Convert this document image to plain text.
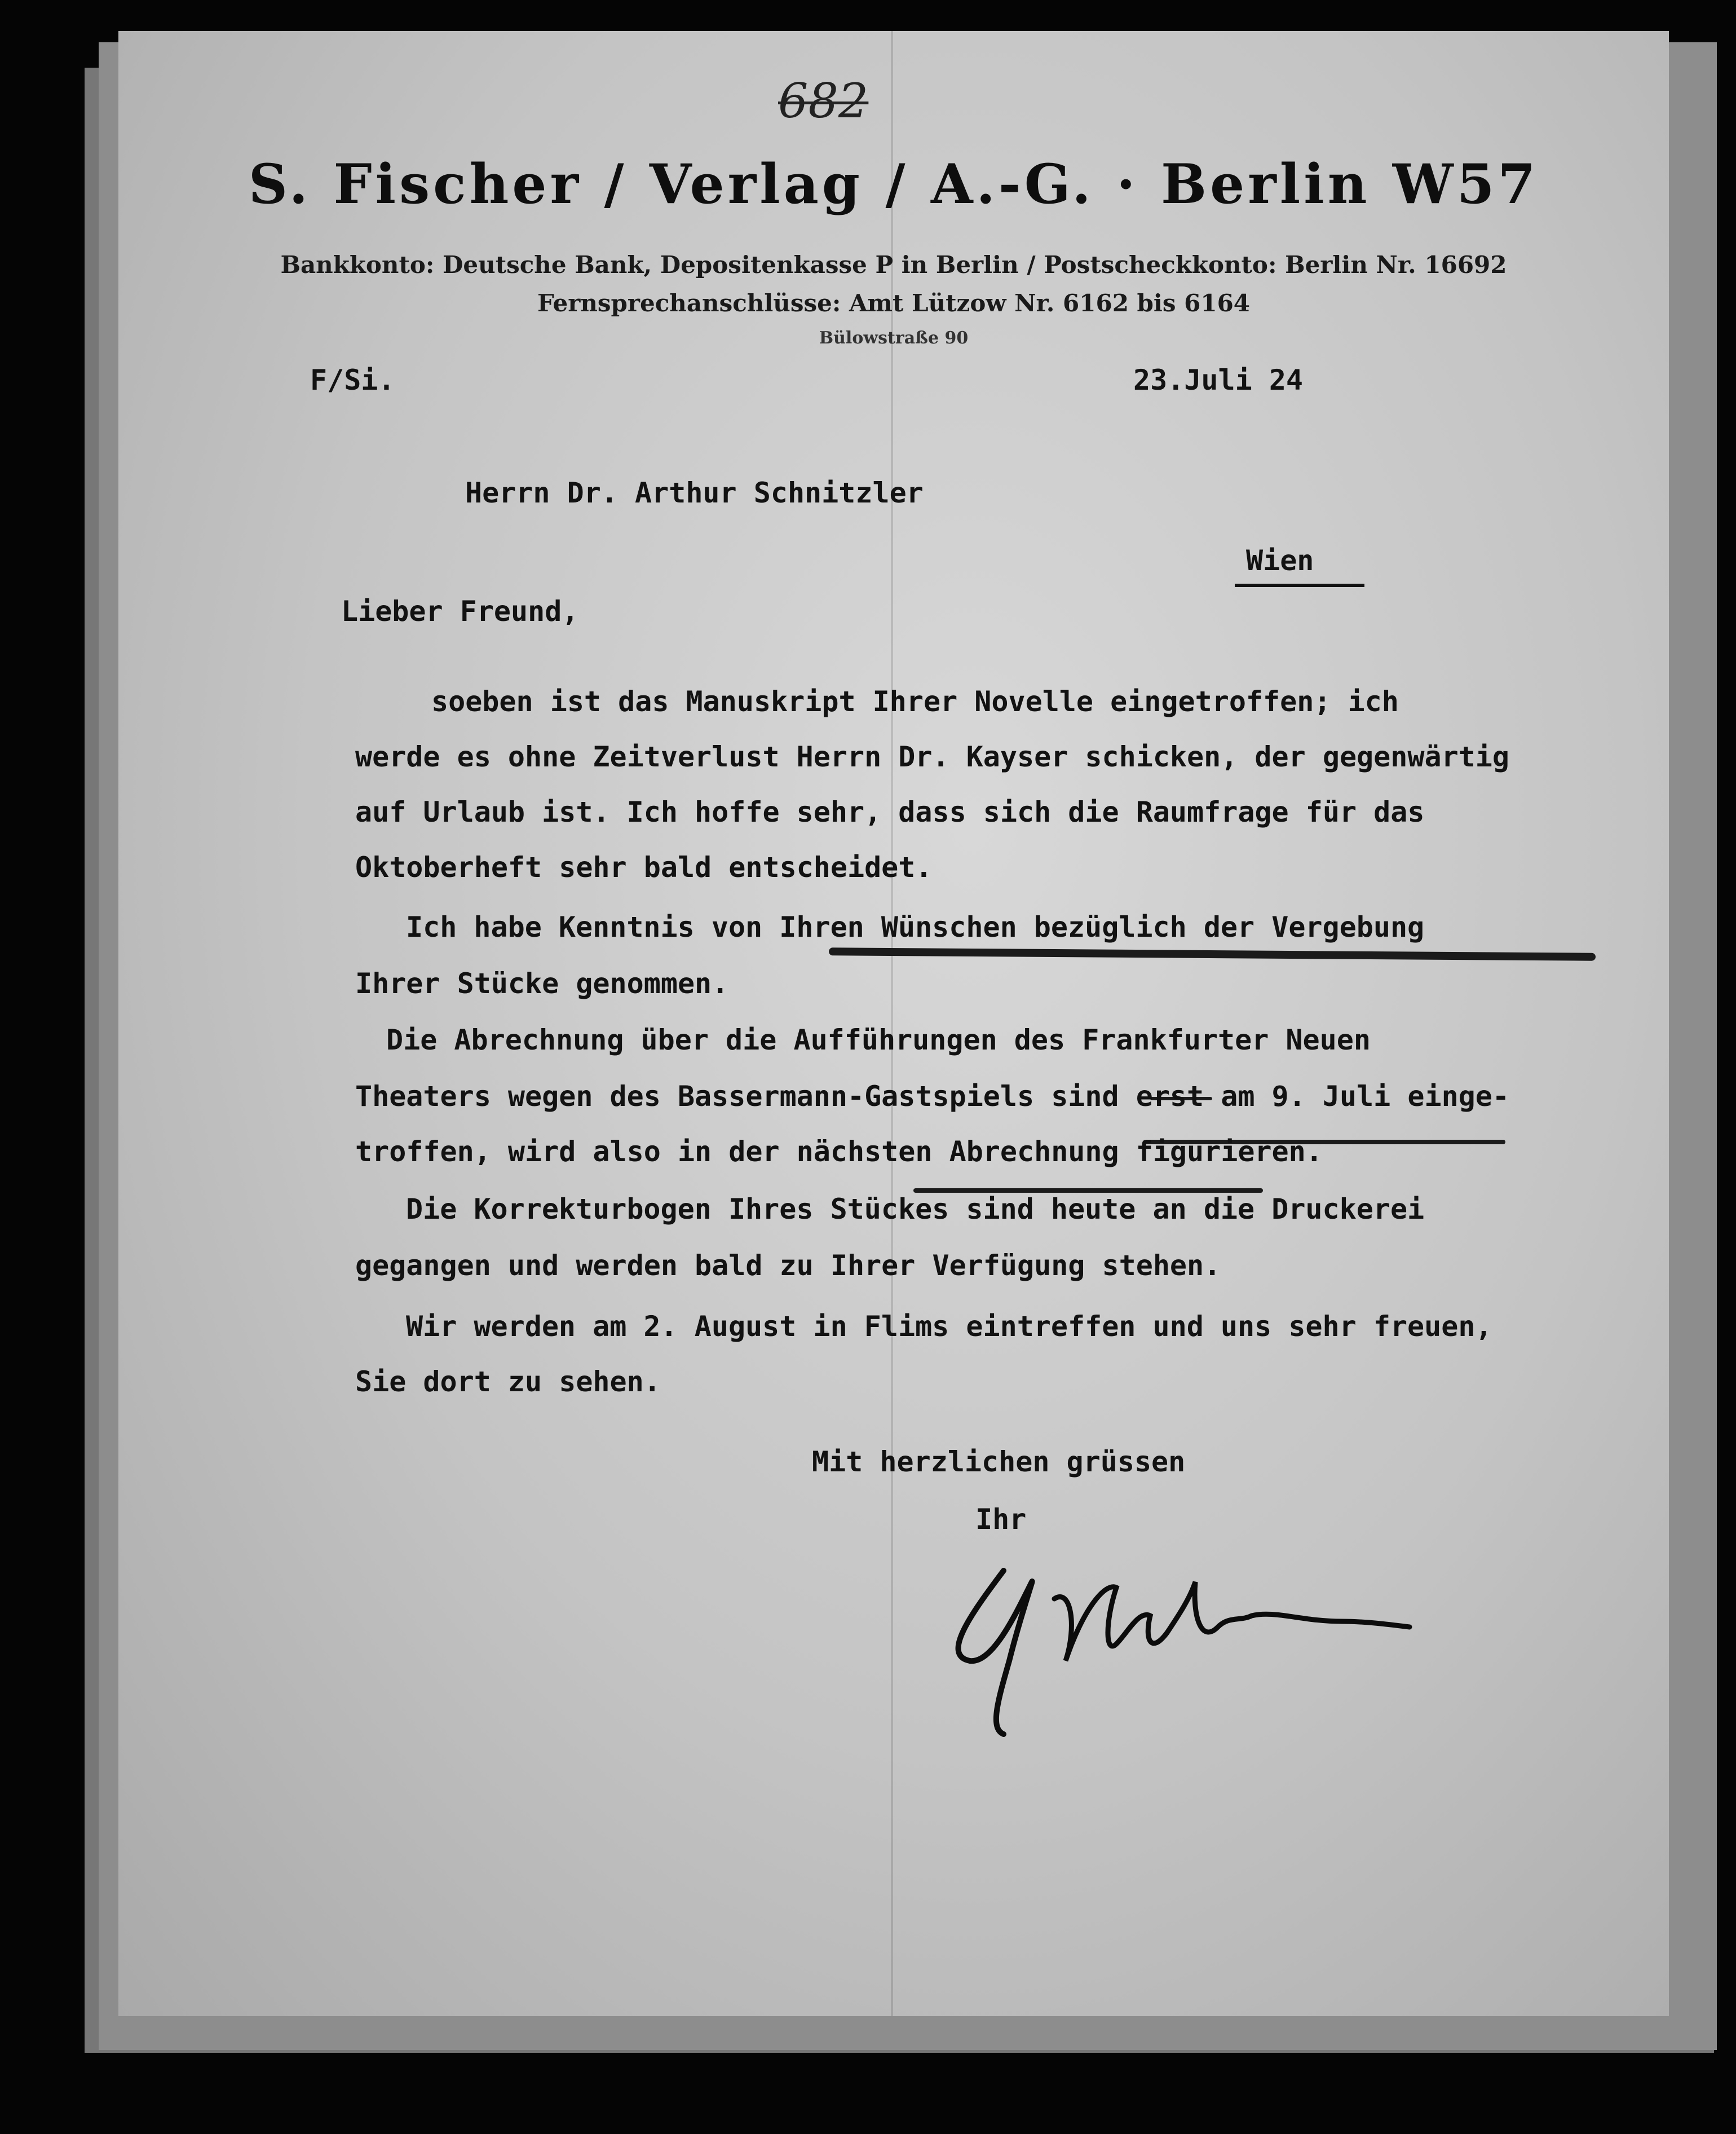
682
S. Fischer / Verlag / A.-G. · Berlin W57
Bankkonto: Deutsche Bank, Depositenkasse P in Berlin / Postscheckkonto: Berlin Nr. 16692
Fernsprechanschlüsse: Amt Lützow Nr. 6162 bis 6164
Bülowstraße 90
F/Si.	23.Juli 24
Herrn Dr. Arthur Schnitzler
Wien
Lieber Freund,
soeben ist das Manuskript Ihrer Novelle eingetroffen; ich
werde es ohne Zeitverlust Herrn Dr. Kayser schicken, der gegenwärtig
auf Urlaub ist. Ich hoffe sehr, dass sich die Raumfrage für das
Oktoberheft sehr bald entscheidet.
Ich habe Kenntnis von Ihren Wünschen bezüglich der Vergebung
Ihrer Stücke genommen.
Die Abrechnung über die Aufführungen des Frankfurter Neuen
Theaters wegen des Bassermann-Gastspiels sind erst am 9. Juli einge-
troffen, wird also in der nächsten Abrechnung figurieren.
Die Korrekturbogen Ihres Stückes sind heute an die Druckerei
gegangen und werden bald zu Ihrer Verfügung stehen.
Wir werden am 2. August in Flims eintreffen und uns sehr freuen,
Sie dort zu sehen.
Mit herzlichen grüssen
Ihr
